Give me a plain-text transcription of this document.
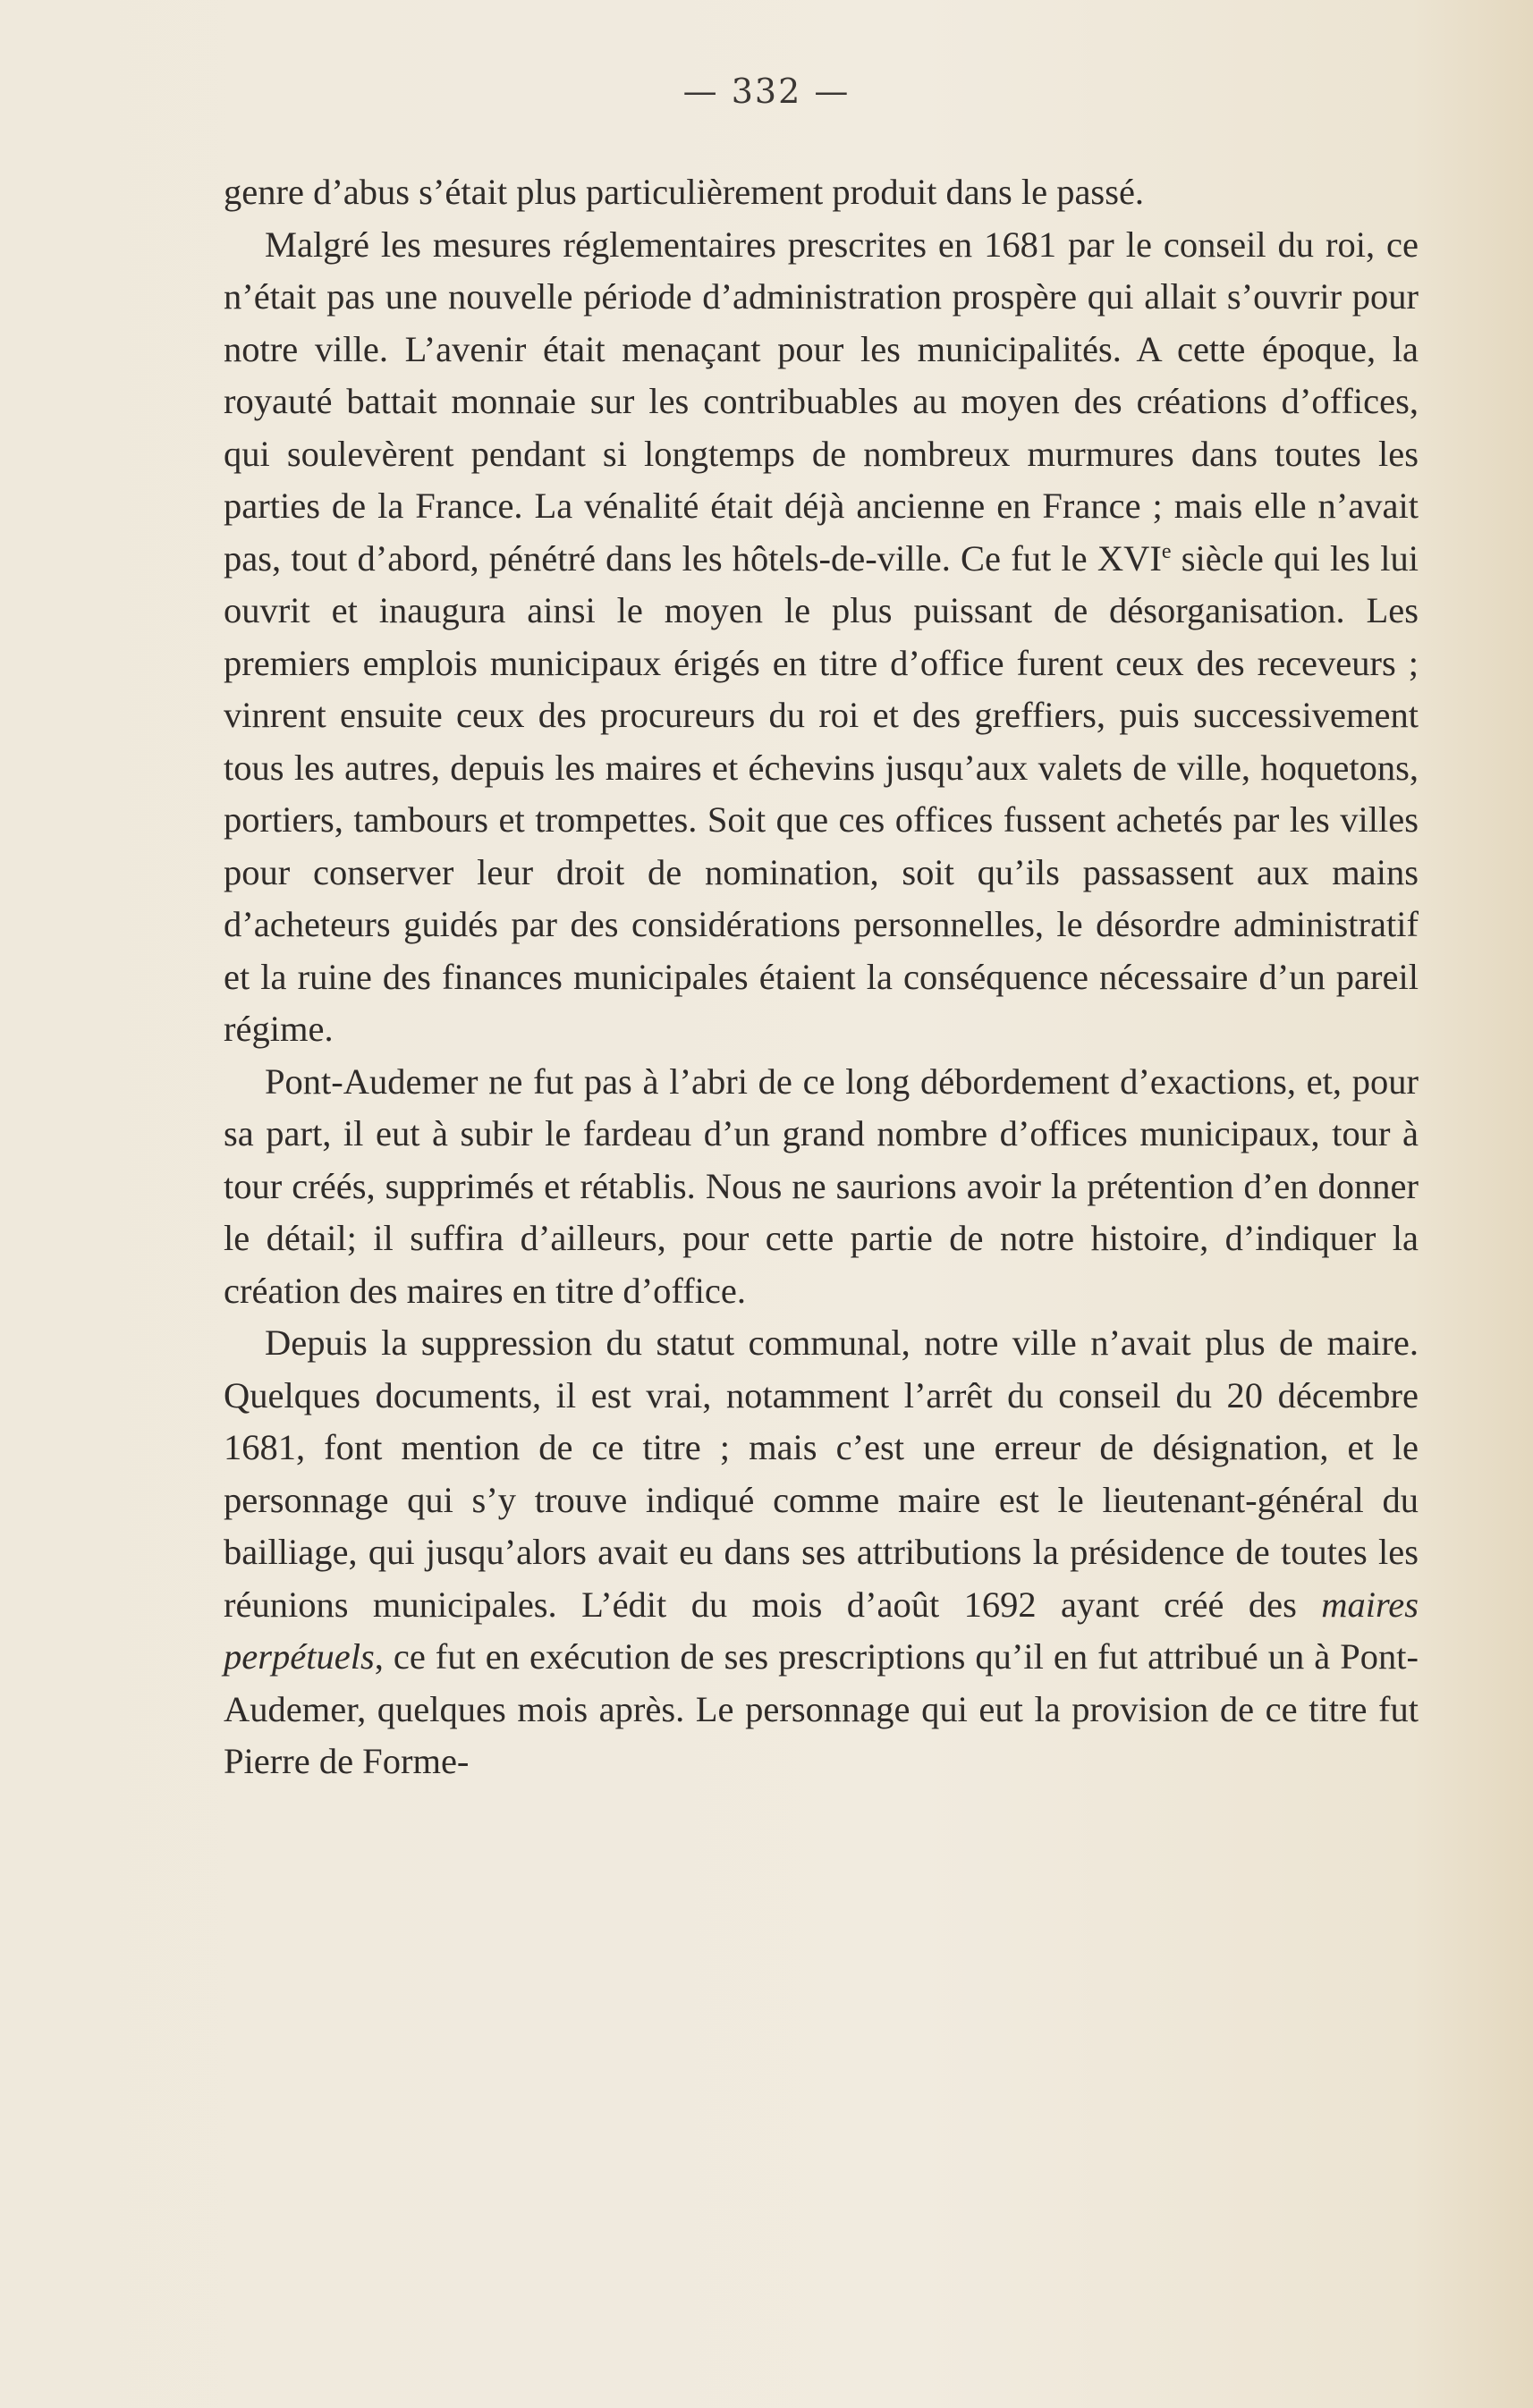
— 332 —

genre d’abus s’était plus particulièrement produit dans le passé.

Malgré les mesures réglementaires prescrites en 1681 par le conseil du roi, ce n’était pas une nouvelle période d’administration prospère qui allait s’ouvrir pour notre ville. L’avenir était menaçant pour les municipalités. A cette époque, la royauté battait monnaie sur les contribuables au moyen des créations d’offices, qui soulevèrent pendant si longtemps de nombreux murmures dans toutes les parties de la France. La vénalité était déjà ancienne en France ; mais elle n’avait pas, tout d’abord, pénétré dans les hôtels-de-ville. Ce fut le XVIe siècle qui les lui ouvrit et inaugura ainsi le moyen le plus puissant de désorganisation. Les premiers emplois municipaux érigés en titre d’office furent ceux des receveurs ; vinrent ensuite ceux des procureurs du roi et des greffiers, puis successivement tous les autres, depuis les maires et échevins jusqu’aux valets de ville, hoquetons, portiers, tambours et trompettes. Soit que ces offices fussent achetés par les villes pour conserver leur droit de nomination, soit qu’ils passassent aux mains d’acheteurs guidés par des considérations personnelles, le désordre administratif et la ruine des finances municipales étaient la conséquence nécessaire d’un pareil régime.

Pont-Audemer ne fut pas à l’abri de ce long débordement d’exactions, et, pour sa part, il eut à subir le fardeau d’un grand nombre d’offices municipaux, tour à tour créés, supprimés et rétablis. Nous ne saurions avoir la prétention d’en donner le détail; il suffira d’ailleurs, pour cette partie de notre histoire, d’indiquer la création des maires en titre d’office.

Depuis la suppression du statut communal, notre ville n’avait plus de maire. Quelques documents, il est vrai, notamment l’arrêt du conseil du 20 décembre 1681, font mention de ce titre ; mais c’est une erreur de désignation, et le personnage qui s’y trouve indiqué comme maire est le lieutenant-général du bailliage, qui jusqu’alors avait eu dans ses attributions la présidence de toutes les réunions municipales. L’édit du mois d’août 1692 ayant créé des maires perpétuels, ce fut en exécution de ses prescriptions qu’il en fut attribué un à Pont-Audemer, quelques mois après. Le personnage qui eut la provision de ce titre fut Pierre de Forme-
